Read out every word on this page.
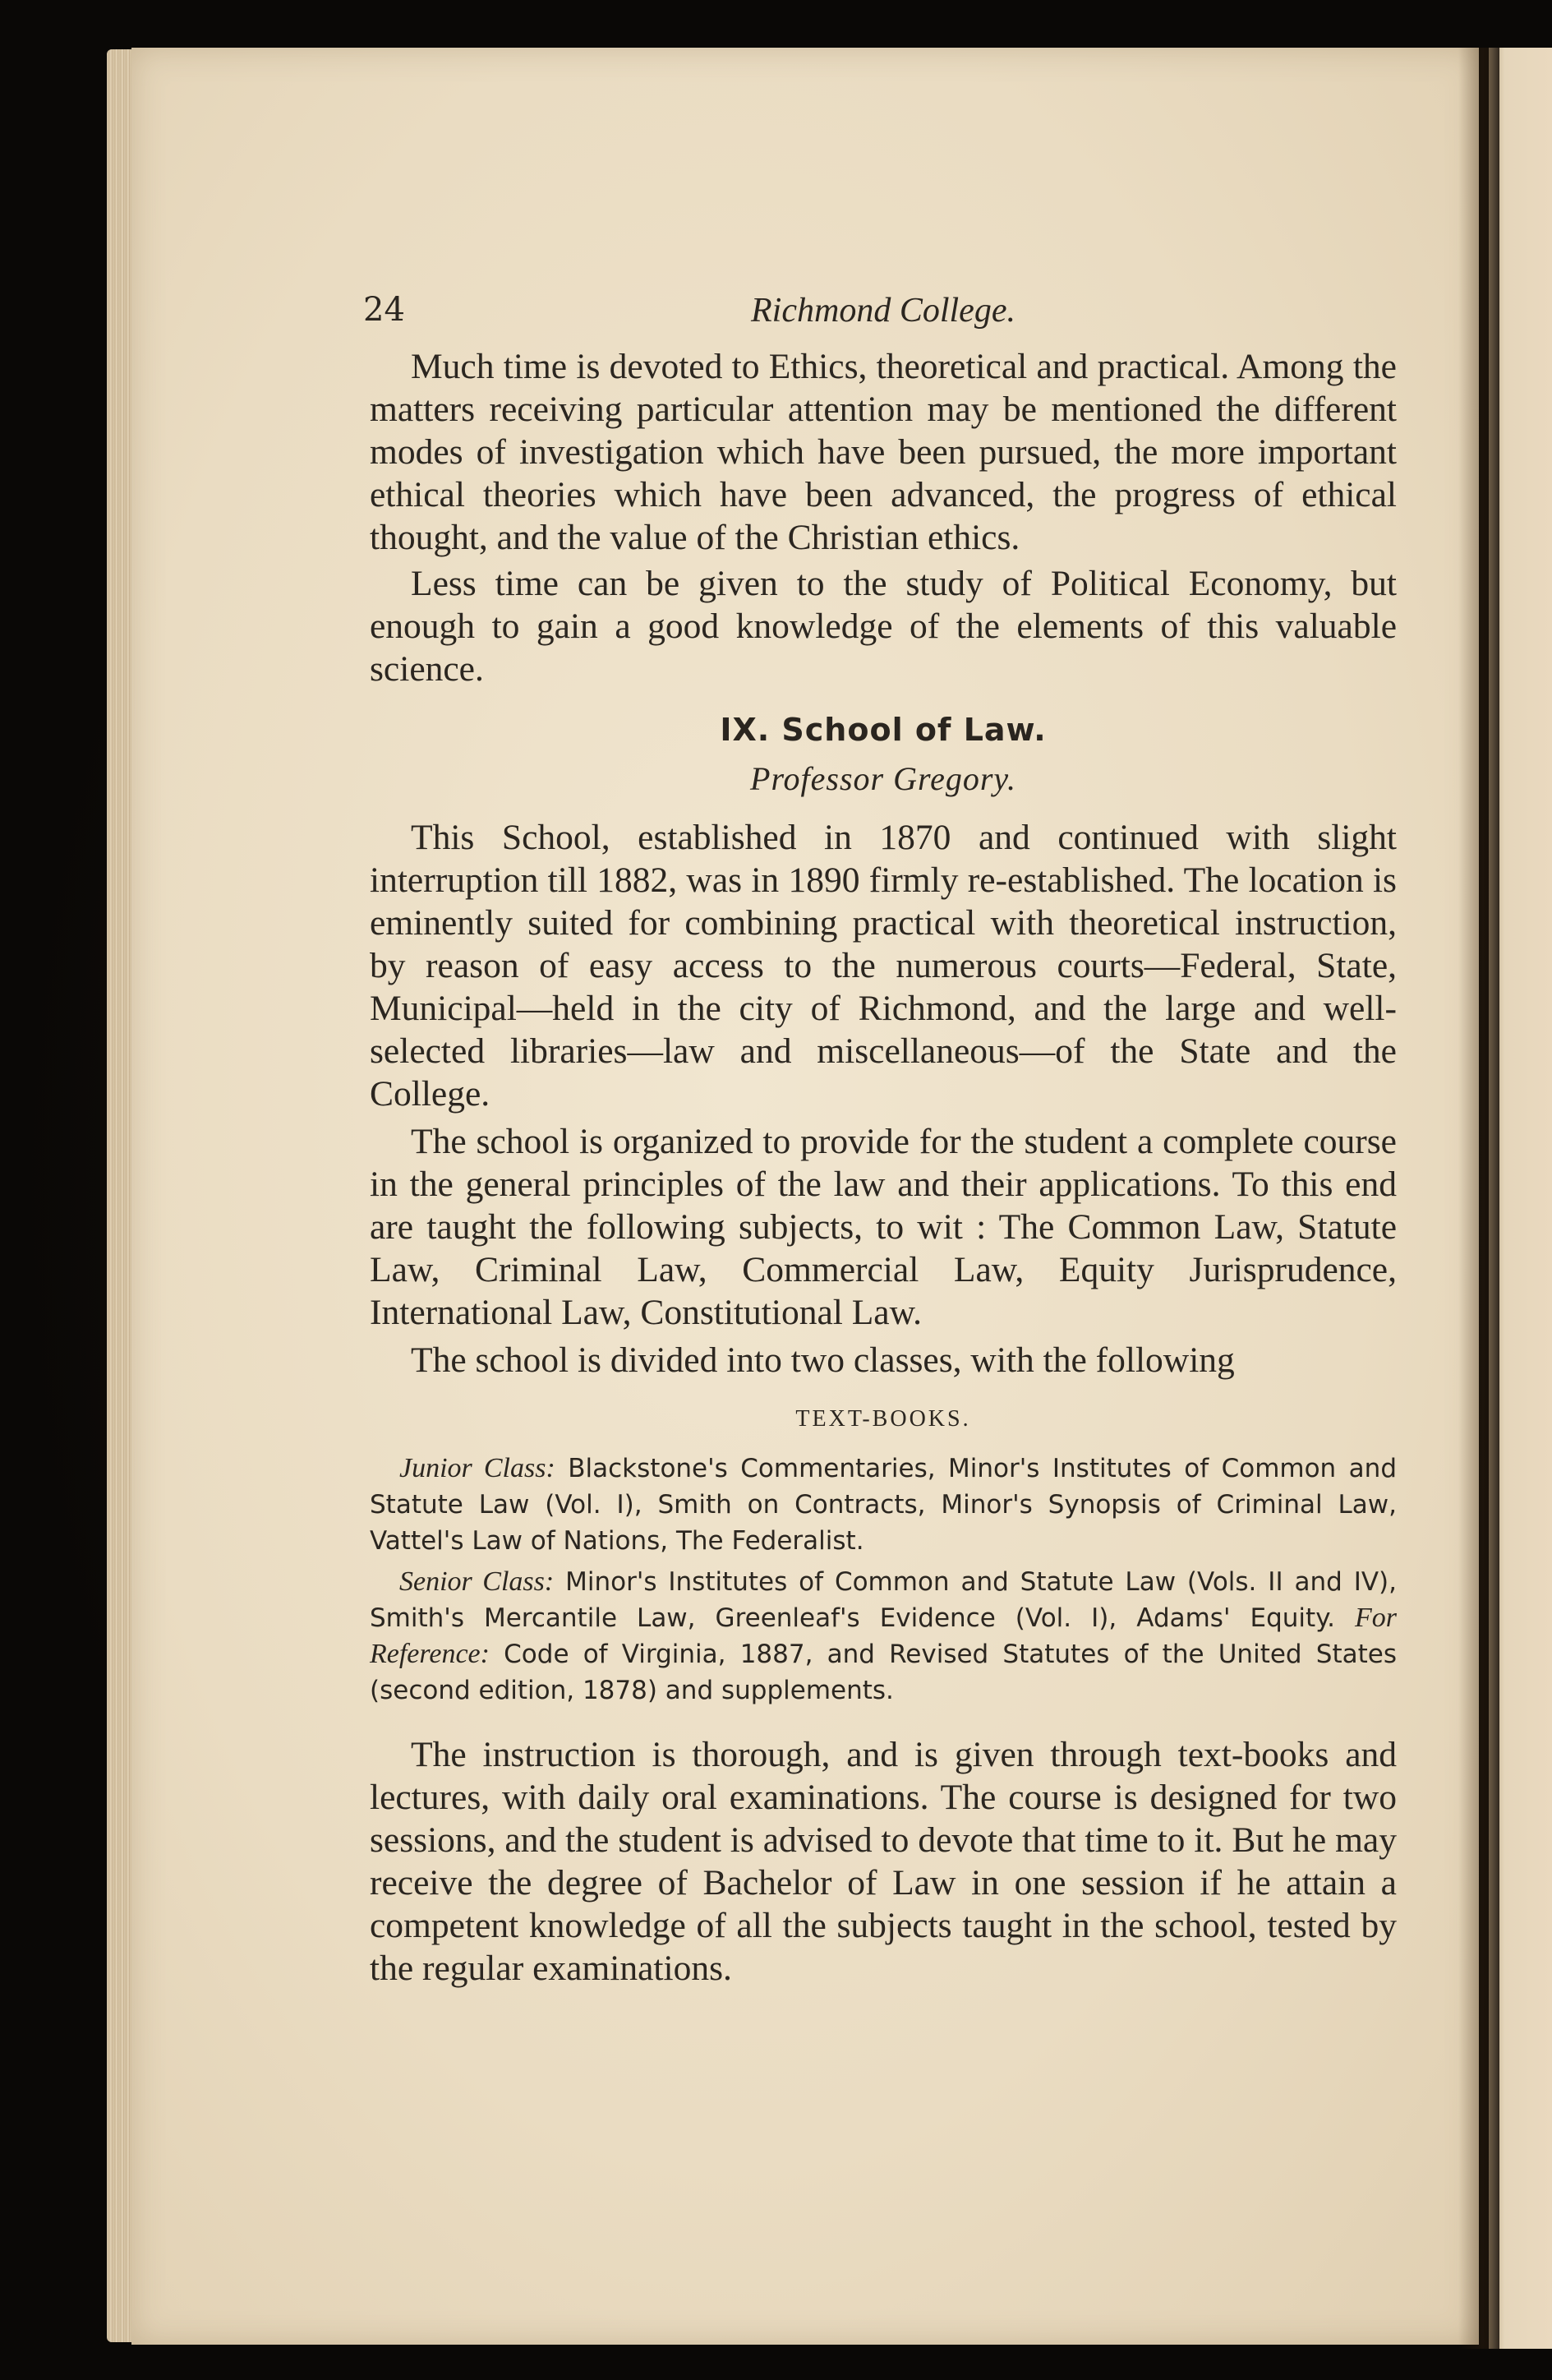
24	Richmond College.

Much time is devoted to Ethics, theoretical and practical. Among the matters receiving particular attention may be mentioned the different modes of investigation which have been pursued, the more important ethical theories which have been advanced, the progress of ethical thought, and the value of the Christian ethics.

Less time can be given to the study of Political Economy, but enough to gain a good knowledge of the elements of this valuable science.

IX. School of Law.
Professor Gregory.

This School, established in 1870 and continued with slight interruption till 1882, was in 1890 firmly re-established. The location is eminently suited for combining practical with theoretical instruction, by reason of easy access to the numerous courts—Federal, State, Municipal—held in the city of Richmond, and the large and well-selected libraries—law and miscellaneous—of the State and the College.

The school is organized to provide for the student a complete course in the general principles of the law and their applications. To this end are taught the following subjects, to wit : The Common Law, Statute Law, Criminal Law, Commercial Law, Equity Jurisprudence, International Law, Constitutional Law.

The school is divided into two classes, with the following

TEXT-BOOKS.

Junior Class: Blackstone's Commentaries, Minor's Institutes of Common and Statute Law (Vol. I), Smith on Contracts, Minor's Synopsis of Criminal Law, Vattel's Law of Nations, The Federalist.

Senior Class: Minor's Institutes of Common and Statute Law (Vols. II and IV), Smith's Mercantile Law, Greenleaf's Evidence (Vol. I), Adams' Equity. For Reference: Code of Virginia, 1887, and Revised Statutes of the United States (second edition, 1878) and supplements.

The instruction is thorough, and is given through text-books and lectures, with daily oral examinations. The course is designed for two sessions, and the student is advised to devote that time to it. But he may receive the degree of Bachelor of Law in one session if he attain a competent knowledge of all the subjects taught in the school, tested by the regular examinations.
